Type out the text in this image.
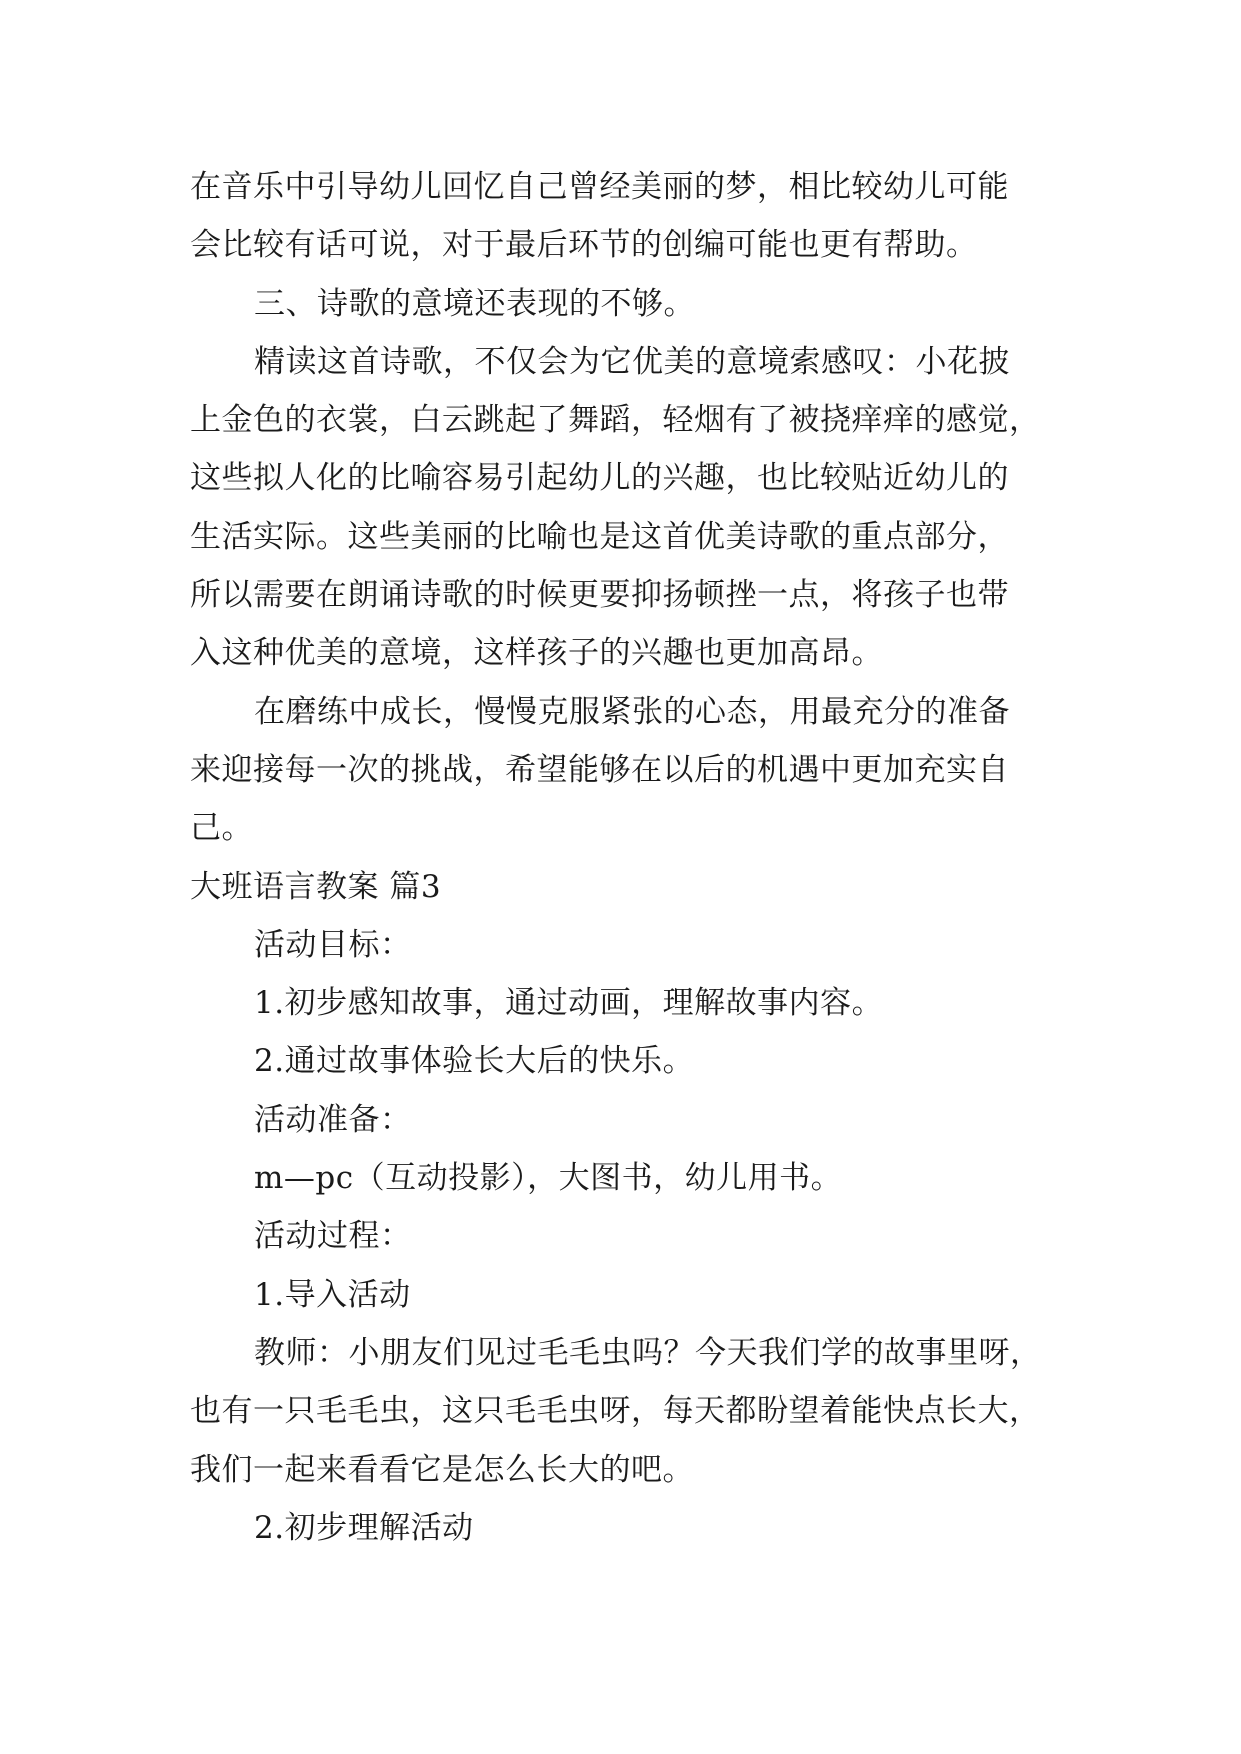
在音乐中引导幼儿回忆自己曾经美丽的梦，相比较幼儿可能
会比较有话可说，对于最后环节的创编可能也更有帮助。
三、诗歌的意境还表现的不够。
精读这首诗歌，不仅会为它优美的意境索感叹：小花披
上金色的衣裳，白云跳起了舞蹈，轻烟有了被挠痒痒的感觉，
这些拟人化的比喻容易引起幼儿的兴趣，也比较贴近幼儿的
生活实际。这些美丽的比喻也是这首优美诗歌的重点部分，
所以需要在朗诵诗歌的时候更要抑扬顿挫一点，将孩子也带
入这种优美的意境，这样孩子的兴趣也更加高昂。
在磨练中成长，慢慢克服紧张的心态，用最充分的准备
来迎接每一次的挑战，希望能够在以后的机遇中更加充实自
己。
大班语言教案 篇3
活动目标：
1.初步感知故事，通过动画，理解故事内容。
2.通过故事体验长大后的快乐。
活动准备：
m—pc（互动投影），大图书，幼儿用书。
活动过程：
1.导入活动
教师：小朋友们见过毛毛虫吗？今天我们学的故事里呀，
也有一只毛毛虫，这只毛毛虫呀，每天都盼望着能快点长大，
我们一起来看看它是怎么长大的吧。
2.初步理解活动
